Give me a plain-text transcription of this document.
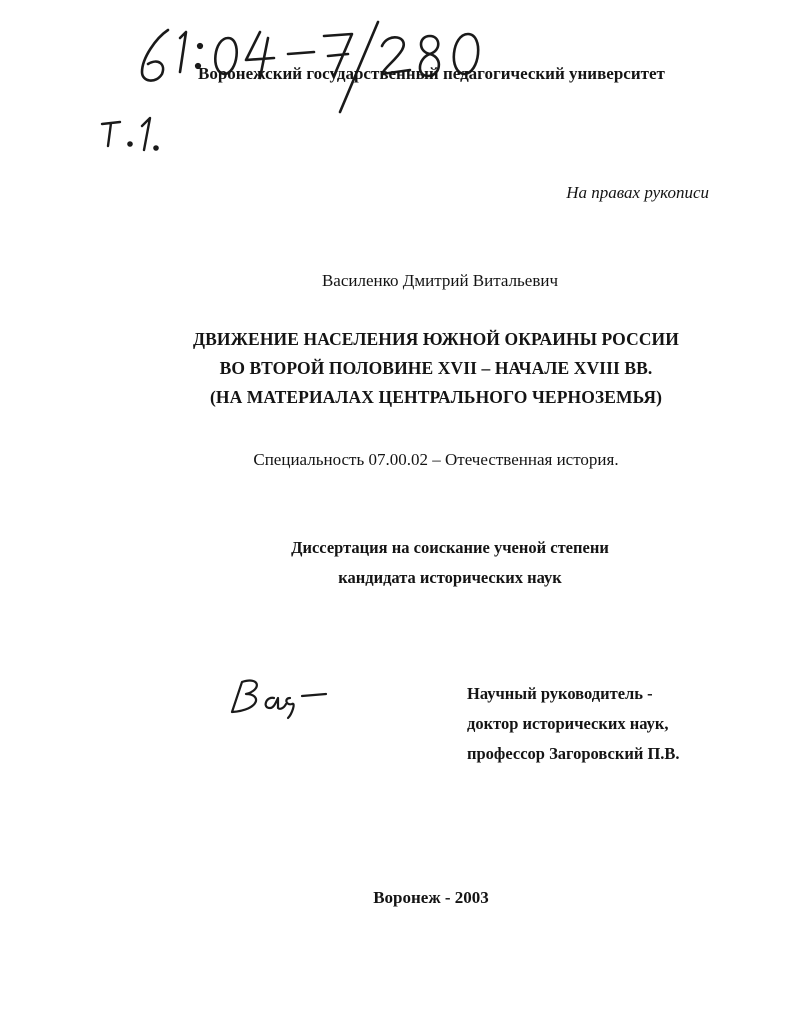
Воронежский государственный педагогический университет
На правах рукописи
Василенко Дмитрий Витальевич
ДВИЖЕНИЕ НАСЕЛЕНИЯ ЮЖНОЙ ОКРАИНЫ РОССИИ
ВО ВТОРОЙ ПОЛОВИНЕ XVII – НАЧАЛЕ XVIII ВВ.
(НА МАТЕРИАЛАХ ЦЕНТРАЛЬНОГО ЧЕРНОЗЕМЬЯ)
Специальность 07.00.02 – Отечественная история.
Диссертация на соискание ученой степени
кандидата исторических наук
Научный руководитель -
доктор исторических наук,
профессор Загоровский П.В.
Воронеж - 2003
